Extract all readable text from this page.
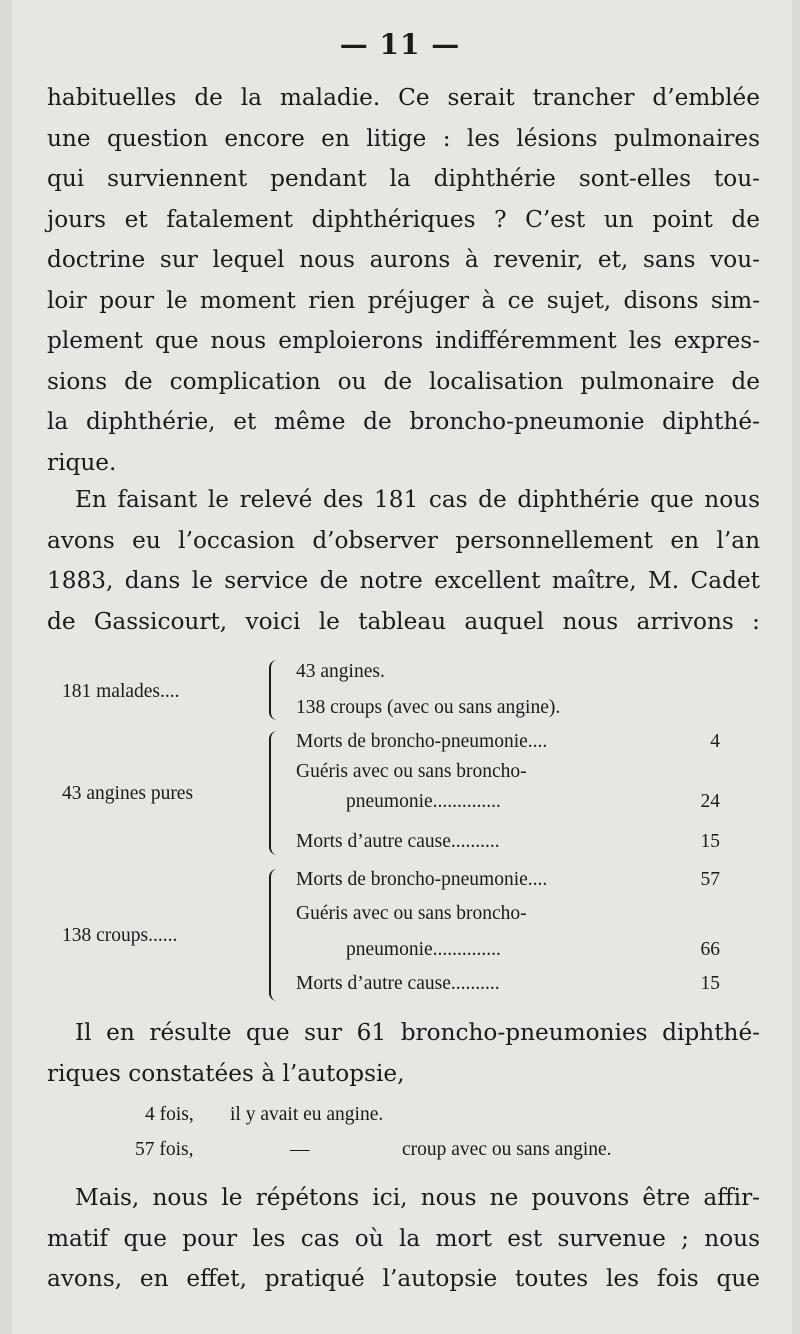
— 11 —
habituelles de la maladie. Ce serait trancher d’emblée
une question encore en litige : les lésions pulmonaires
qui surviennent pendant la diphthérie sont-elles tou-
jours et fatalement diphthériques ? C’est un point de
doctrine sur lequel nous aurons à revenir, et, sans vou-
loir pour le moment rien préjuger à ce sujet, disons sim-
plement que nous emploierons indifféremment les expres-
sions de complication ou de localisation pulmonaire de
la diphthérie, et même de broncho-pneumonie diphthé-
rique.
En faisant le relevé des 181 cas de diphthérie que nous
avons eu l’occasion d’observer personnellement en l’an
1883, dans le service de notre excellent maître, M. Cadet
de Gassicourt, voici le tableau auquel nous arrivons :
181 malades....
43 angines.
138 croups (avec ou sans angine).
43 angines pures
Morts de broncho-pneumonie....	4
Guéris avec ou sans broncho-
pneumonie..............	24
Morts d’autre cause..........	15
138 croups......
Morts de broncho-pneumonie....	57
Guéris avec ou sans broncho-
pneumonie..............	66
Morts d’autre cause..........	15
Il en résulte que sur 61 broncho-pneumonies diphthé-
riques constatées à l’autopsie,
4 fois, il y avait eu angine.
57 fois,	—	croup avec ou sans angine.
Mais, nous le répétons ici, nous ne pouvons être affir-
matif que pour les cas où la mort est survenue ; nous
avons, en effet, pratiqué l’autopsie toutes les fois que
